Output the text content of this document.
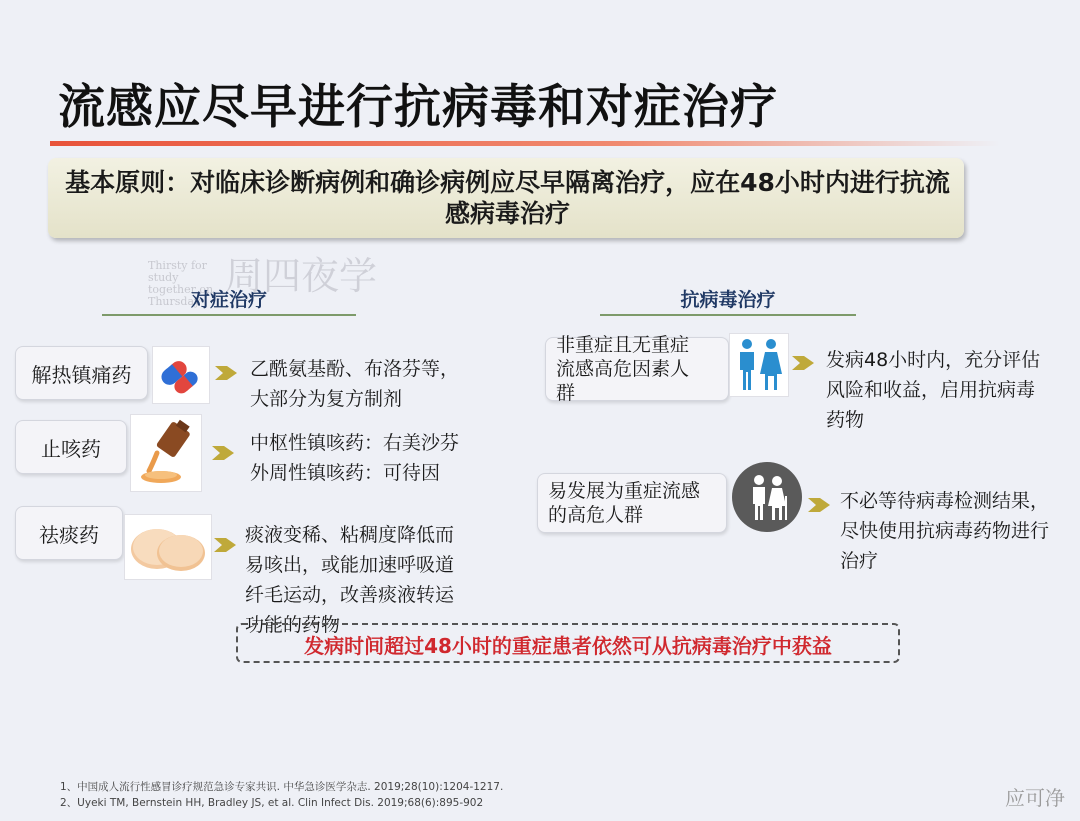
流感应尽早进行抗病毒和对症治疗

基本原则：对临床诊断病例和确诊病例应尽早隔离治疗，应在48小时内进行抗流感病毒治疗

Thirsty for study together on Thursday
周四夜学
对症治疗	抗病毒治疗
解热镇痛药	乙酰氨基酚、布洛芬等，
大部分为复方制剂
止咳药	中枢性镇咳药：右美沙芬
外周性镇咳药：可待因
祛痰药	痰液变稀、粘稠度降低而
易咳出，或能加速呼吸道
纤毛运动，改善痰液转运
功能的药物
非重症且无重症
流感高危因素人
群
发病48小时内，充分评估
风险和收益，启用抗病毒
药物
易发展为重症流感
的高危人群
不必等待病毒检测结果，
尽快使用抗病毒药物进行
治疗
发病时间超过48小时的重症患者依然可从抗病毒治疗中获益
1、中国成人流行性感冒诊疗规范急诊专家共识. 中华急诊医学杂志. 2019;28(10):1204-1217.
2、Uyeki TM, Bernstein HH, Bradley JS, et al. Clin Infect Dis. 2019;68(6):895-902	应可净
